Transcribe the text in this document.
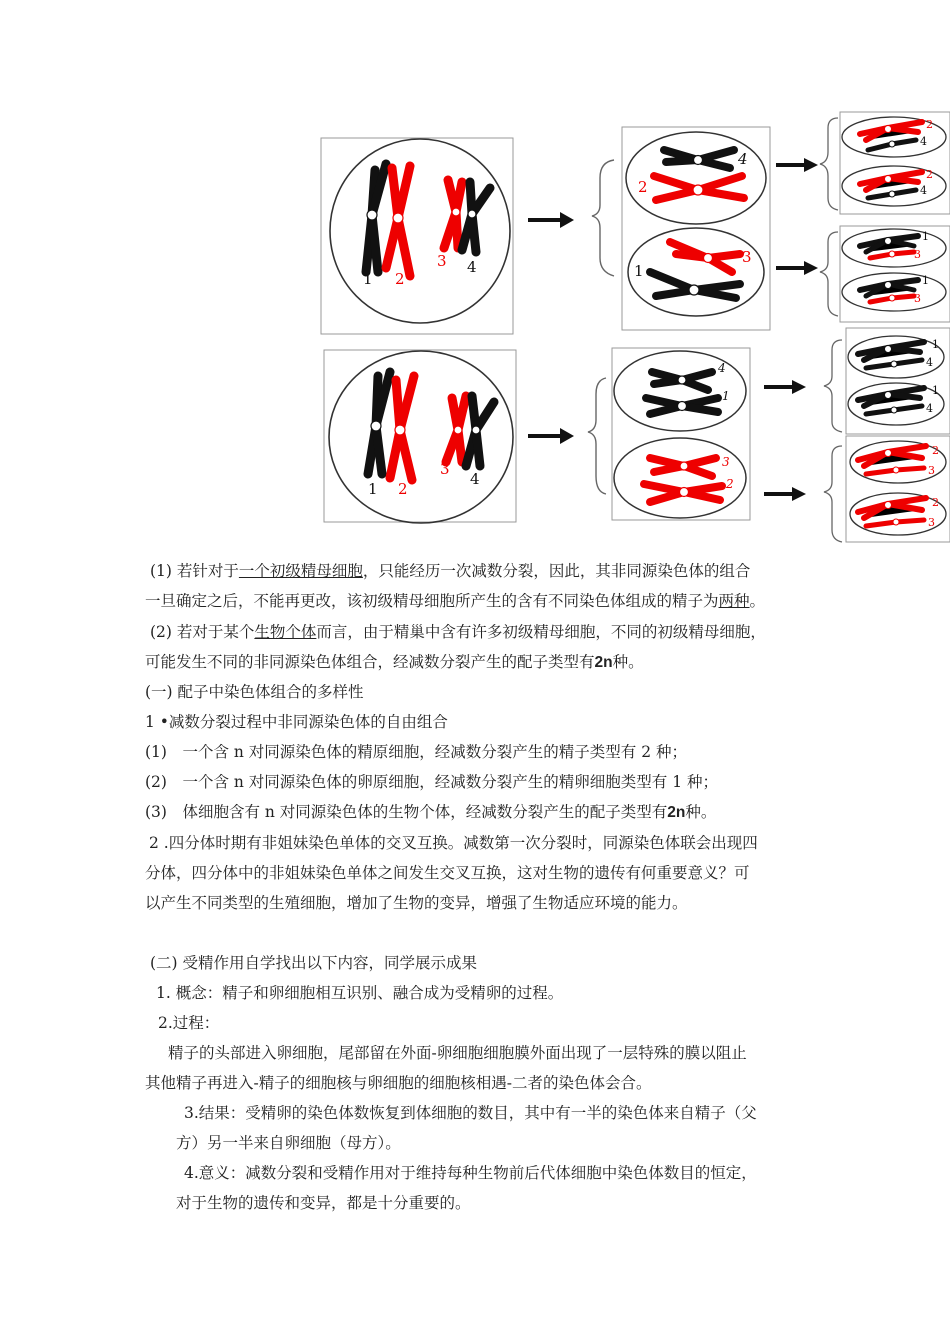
1 2
3 4
4
2
1
3
2
4
2
4
1
3
1
3
1 2
3
4
4
1
3
2
1
4
1
4
2
3
2
3
(1) 若针对于一个初级精母细胞，只能经历一次减数分裂，因此，其非同源染色体的组合
一旦确定之后，不能再更改，该初级精母细胞所产生的含有不同染色体组成的精子为两种。
(2) 若对于某个生物个体而言，由于精巢中含有许多初级精母细胞，不同的初级精母细胞，
可能发生不同的非同源染色体组合，经减数分裂产生的配子类型有2n种。
(一) 配子中染色体组合的多样性
1 •减数分裂过程中非同源染色体的自由组合
(1)　一个含 n 对同源染色体的精原细胞，经减数分裂产生的精子类型有 2 种；
(2)　一个含 n 对同源染色体的卵原细胞，经减数分裂产生的精卵细胞类型有 1 种；
(3)　体细胞含有 n 对同源染色体的生物个体，经减数分裂产生的配子类型有2n种。
2 .四分体时期有非姐妹染色单体的交叉互换。减数第一次分裂时，同源染色体联会出现四
分体，四分体中的非姐妹染色单体之间发生交叉互换，这对生物的遗传有何重要意义？可
以产生不同类型的生殖细胞，增加了生物的变异，增强了生物适应环境的能力。
(二) 受精作用自学找出以下内容，同学展示成果
1. 概念：精子和卵细胞相互识别、融合成为受精卵的过程。
2.过程：
精子的头部进入卵细胞，尾部留在外面-卵细胞细胞膜外面出现了一层特殊的膜以阻止
其他精子再进入-精子的细胞核与卵细胞的细胞核相遇-二者的染色体会合。
3.结果：受精卵的染色体数恢复到体细胞的数目，其中有一半的染色体来自精子（父
方）另一半来自卵细胞（母方）。
4.意义：减数分裂和受精作用对于维持每种生物前后代体细胞中染色体数目的恒定，
对于生物的遗传和变异，都是十分重要的。
